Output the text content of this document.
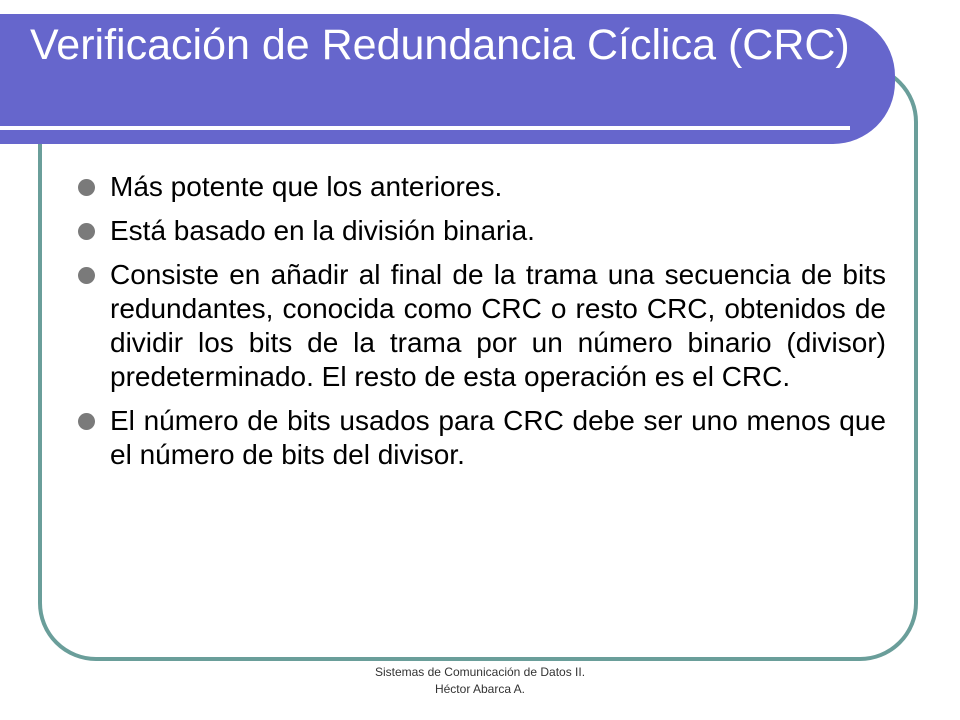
Verificación de Redundancia Cíclica (CRC)
Más potente que los anteriores.
Está basado en la división binaria.
Consiste en añadir al final de la trama una secuencia de bits redundantes, conocida como CRC o resto CRC, obtenidos de dividir los bits de la trama por un número binario (divisor) predeterminado. El resto de esta operación es el CRC.
El número de bits usados para CRC debe ser uno menos que el número de bits del divisor.
Sistemas de Comunicación de Datos II.
Héctor Abarca A.
